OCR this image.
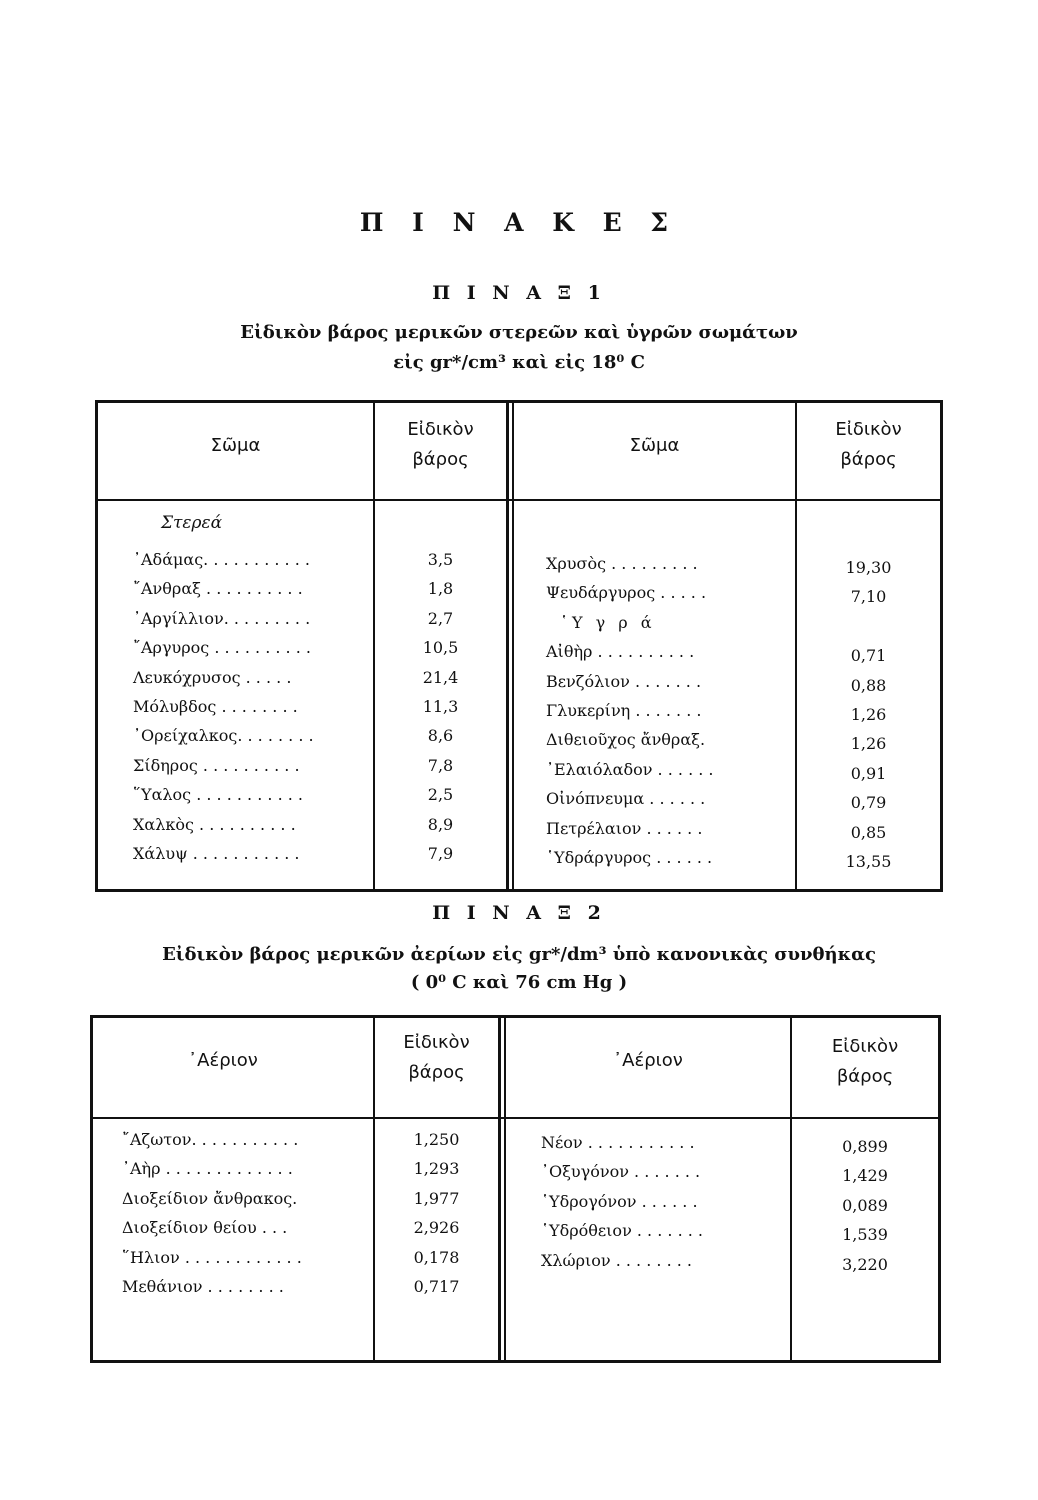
Π Ι Ν Α Κ Ε Σ
Π Ι Ν Α Ξ 1
Εἰδικὸν βάρος μερικῶν στερεῶν καὶ ὑγρῶν σωμάτων
εἰς gr*/cm³ καὶ εἰς 18⁰ C
Σῶμα
Εἰδικὸν
βάρος
Σῶμα
Εἰδικὸν
βάρος
Στερεά
᾿Αδάμας. . . . . . . . . . .
῎Ανθραξ . . . . . . . . . .
᾿Αργίλλιον. . . . . . . . .
῎Αργυρος . . . . . . . . . .
Λευκόχρυσος . . . . .
Μόλυβδος . . . . . . . .
᾿Ορείχαλκος. . . . . . . .
Σίδηρος . . . . . . . . . .
῞Υαλος . . . . . . . . . . .
Χαλκὸς . . . . . . . . . .
Χάλυψ . . . . . . . . . . .
3,5
1,8
2,7
10,5
21,4
11,3
8,6
7,8
2,5
8,9
7,9
Χρυσὸς . . . . . . . . .
Ψευδάργυρος . . . . .
῾Υ γ ρ ά
Αἰθὴρ . . . . . . . . . .
Βενζόλιον . . . . . . .
Γλυκερίνη . . . . . . .
Διθειοῦχος ἄνθραξ.
᾿Ελαιόλαδον . . . . . .
Οἰνόπνευμα . . . . . .
Πετρέλαιον . . . . . .
῾Υδράργυρος . . . . . .
19,30
7,10

0,71
0,88
1,26
1,26
0,91
0,79
0,85
13,55
Π Ι Ν Α Ξ 2
Εἰδικὸν βάρος μερικῶν ἀερίων εἰς gr*/dm³ ὑπὸ κανονικὰς συνθήκας
( 0⁰ C καὶ 76 cm Hg )
᾿Αέριον
Εἰδικὸν
βάρος
᾿Αέριον
Εἰδικὸν
βάρος
῎Αζωτον. . . . . . . . . . .
᾿Αὴρ . . . . . . . . . . . . .
Διοξείδιον ἄνθρακος.
Διοξείδιον θείου . . .
῞Ηλιον . . . . . . . . . . . .
Μεθάνιον . . . . . . . .
1,250
1,293
1,977
2,926
0,178
0,717
Νέον . . . . . . . . . . .
᾿Οξυγόνον . . . . . . .
῾Υδρογόνον . . . . . .
῾Υδρόθειον . . . . . . .
Χλώριον . . . . . . . .
0,899
1,429
0,089
1,539
3,220
